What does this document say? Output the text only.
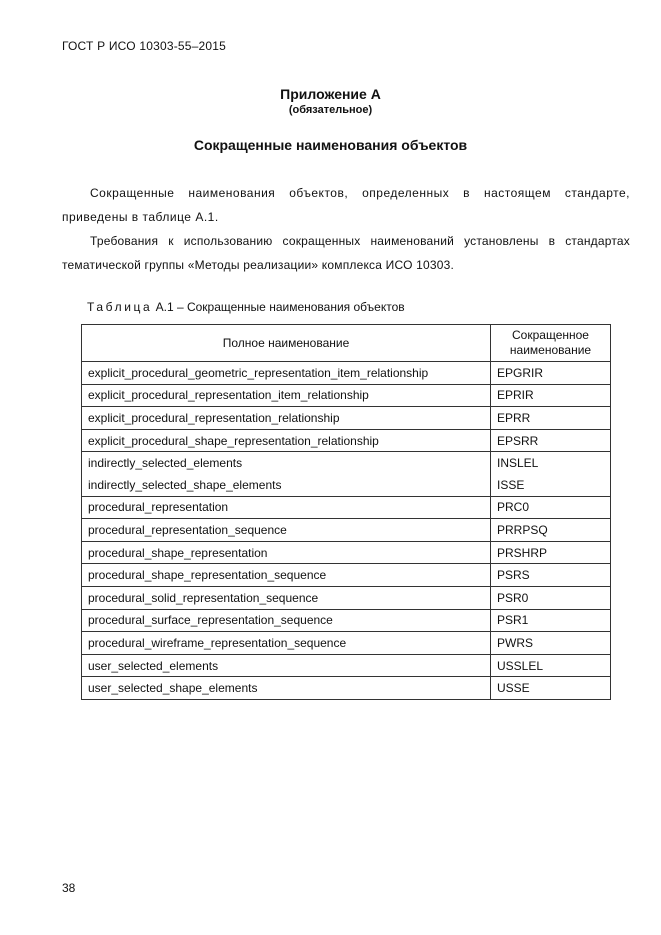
ГОСТ Р ИСО 10303-55–2015
Приложение А
(обязательное)
Сокращенные наименования объектов
Сокращенные наименования объектов, определенных в настоящем стандарте, приведены в таблице А.1.
Требования к использованию сокращенных наименований установлены в стандартах тематической группы «Методы реализации» комплекса ИСО 10303.
Таблица А.1 – Сокращенные наименования объектов
Полное наименование	Сокращенное наименование
explicit_procedural_geometric_representation_item_relationship	EPGRIR
explicit_procedural_representation_item_relationship	EPRIR
explicit_procedural_representation_relationship	EPRR
explicit_procedural_shape_representation_relationship	EPSRR
indirectly_selected_elements	INSLEL
indirectly_selected_shape_elements	ISSE
procedural_representation	PRC0
procedural_representation_sequence	PRRPSQ
procedural_shape_representation	PRSHRP
procedural_shape_representation_sequence	PSRS
procedural_solid_representation_sequence	PSR0
procedural_surface_representation_sequence	PSR1
procedural_wireframe_representation_sequence	PWRS
user_selected_elements	USSLEL
user_selected_shape_elements	USSE
38
